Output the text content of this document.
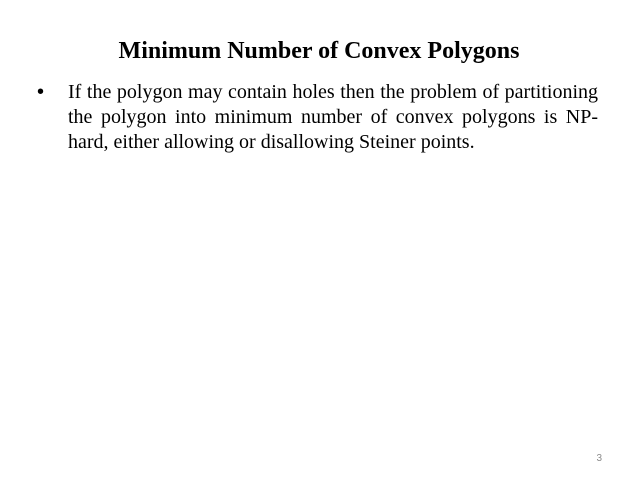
Minimum Number of Convex Polygons
• If the polygon may contain holes then the problem of partitioning the polygon into minimum number of convex polygons is NP-hard, either allowing or disallowing Steiner points.
3
